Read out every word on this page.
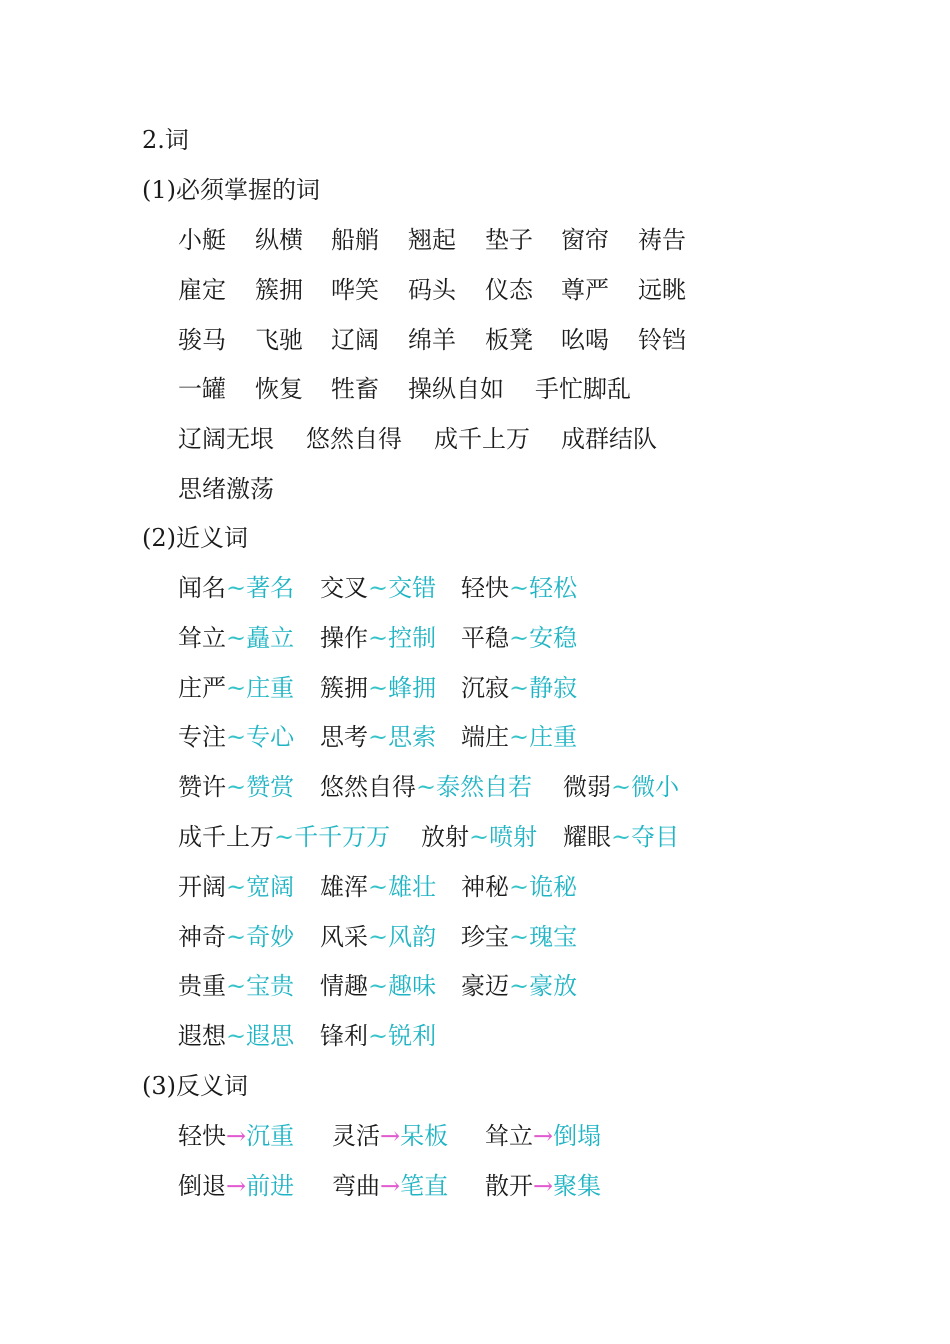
2.词
(1)必须掌握的词
小艇 纵横 船艄 翘起 垫子 窗帘 祷告
雇定 簇拥 哗笑 码头 仪态 尊严 远眺
骏马 飞驰 辽阔 绵羊 板凳 吆喝 铃铛
一罐 恢复 牲畜 操纵自如 手忙脚乱
辽阔无垠 悠然自得 成千上万 成群结队
思绪激荡
(2)近义词
闻名~著名 交叉~交错 轻快~轻松
耸立~矗立 操作~控制 平稳~安稳
庄严~庄重 簇拥~蜂拥 沉寂~静寂
专注~专心 思考~思索 端庄~庄重
赞许~赞赏 悠然自得~泰然自若 微弱~微小
成千上万~千千万万 放射~喷射 耀眼~夺目
开阔~宽阔 雄浑~雄壮 神秘~诡秘
神奇~奇妙 风采~风韵 珍宝~瑰宝
贵重~宝贵 情趣~趣味 豪迈~豪放
遐想~遐思 锋利~锐利
(3)反义词
轻快→沉重 灵活→呆板 耸立→倒塌
倒退→前进 弯曲→笔直 散开→聚集
